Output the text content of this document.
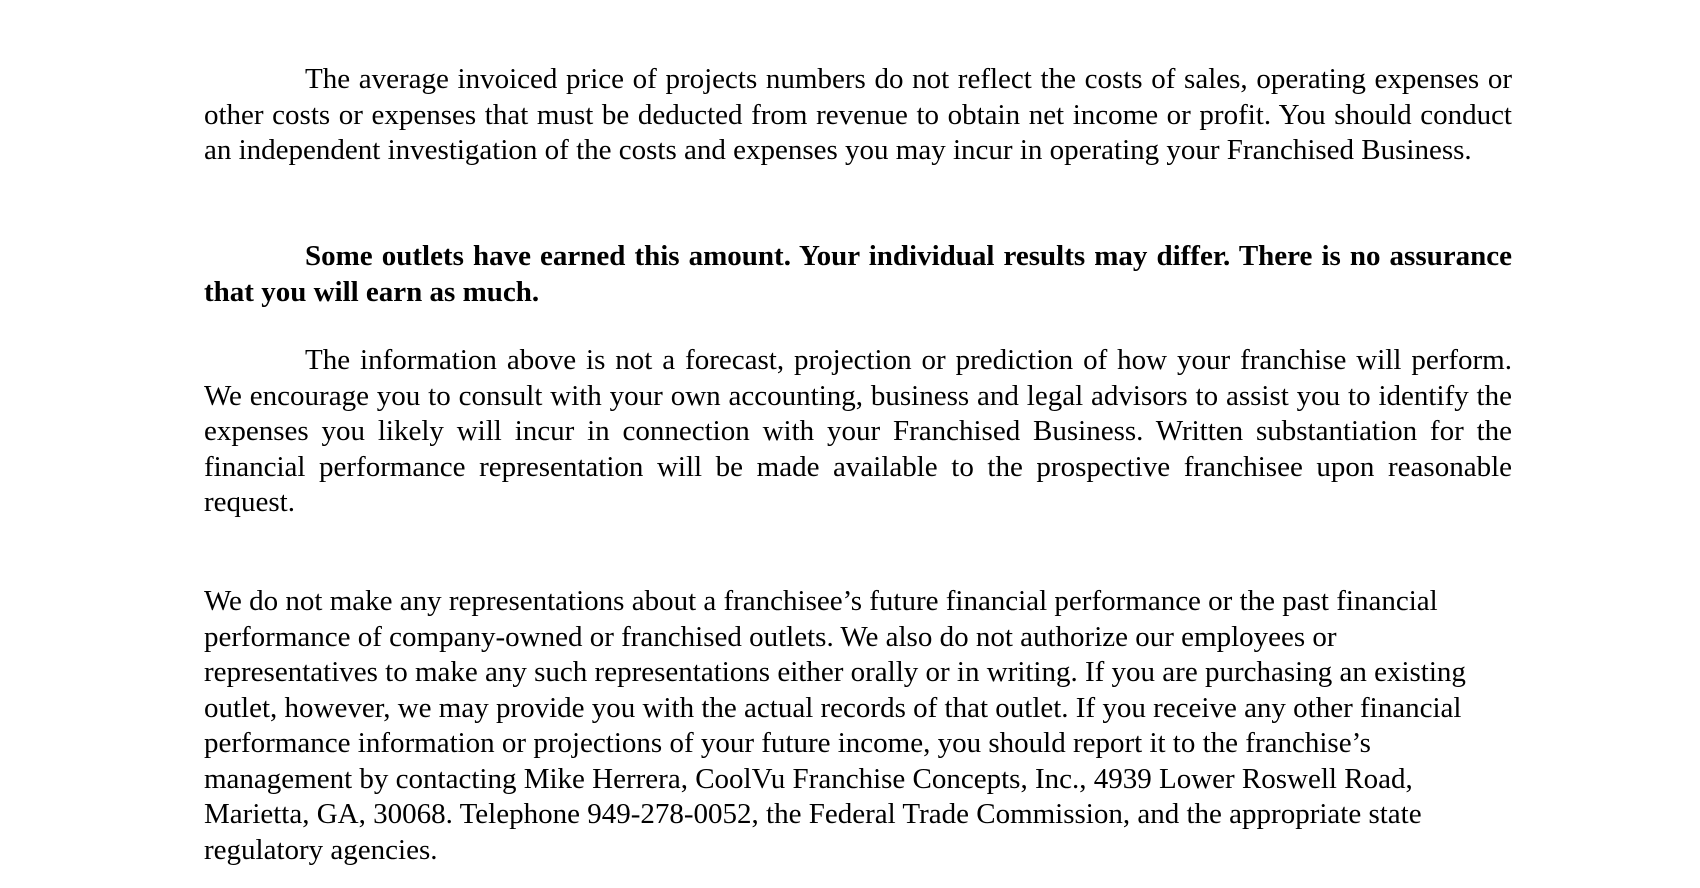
The average invoiced price of projects numbers do not reflect the costs of sales, operating expenses or other costs or expenses that must be deducted from revenue to obtain net income or profit. You should conduct an independent investigation of the costs and expenses you may incur in operating your Franchised Business.

Some outlets have earned this amount. Your individual results may differ. There is no assurance that you will earn as much.

The information above is not a forecast, projection or prediction of how your franchise will perform. We encourage you to consult with your own accounting, business and legal advisors to assist you to identify the expenses you likely will incur in connection with your Franchised Business. Written substantiation for the financial performance representation will be made available to the prospective franchisee upon reasonable request.

We do not make any representations about a franchisee’s future financial performance or the past financial performance of company-owned or franchised outlets. We also do not authorize our employees or representatives to make any such representations either orally or in writing. If you are purchasing an existing outlet, however, we may provide you with the actual records of that outlet. If you receive any other financial performance information or projections of your future income, you should report it to the franchise’s management by contacting Mike Herrera, CoolVu Franchise Concepts, Inc., 4939 Lower Roswell Road, Marietta, GA, 30068. Telephone 949-278-0052, the Federal Trade Commission, and the appropriate state regulatory agencies.
